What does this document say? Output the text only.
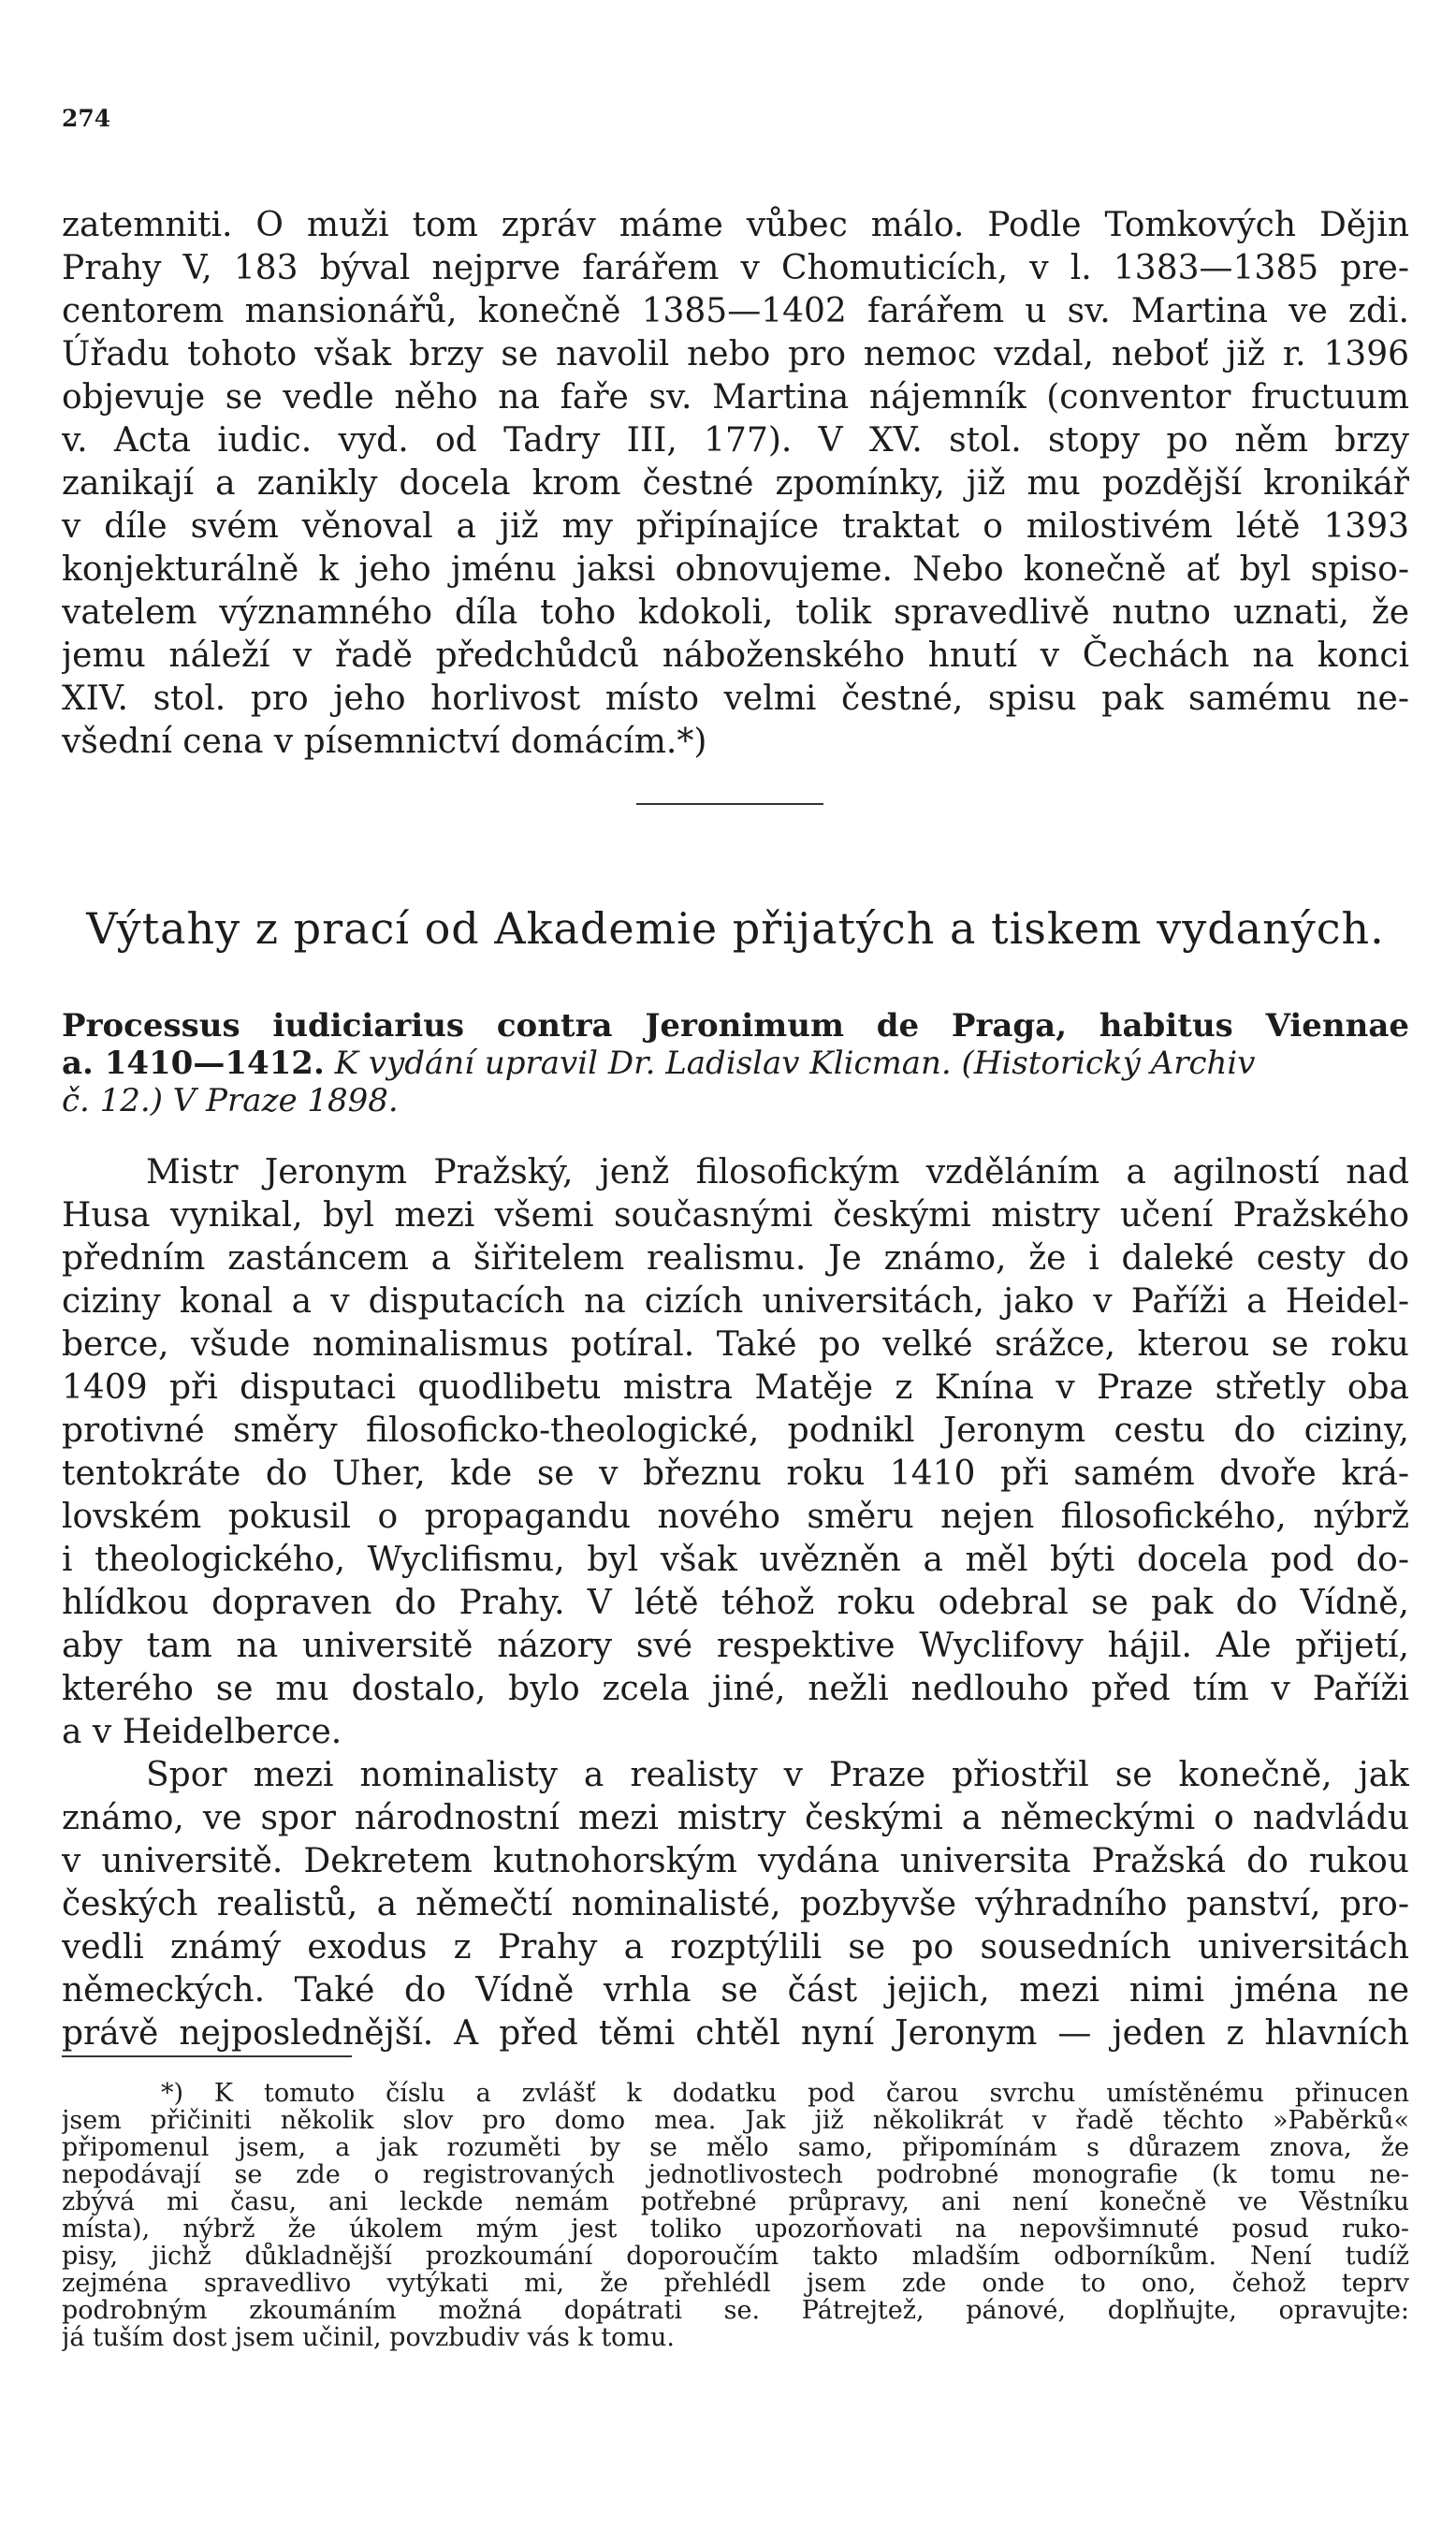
274
zatemniti. O muži tom zpráv máme vůbec málo. Podle Tomkových Dějin
Prahy V, 183 býval nejprve farářem v Chomuticích, v l. 1383—1385 pre-
centorem mansionářů, konečně 1385—1402 farářem u sv. Martina ve zdi.
Úřadu tohoto však brzy se navolil nebo pro nemoc vzdal, neboť již r. 1396
objevuje se vedle něho na faře sv. Martina nájemník (conventor fructuum
v. Acta iudic. vyd. od Tadry III, 177). V XV. stol. stopy po něm brzy
zanikají a zanikly docela krom čestné zpomínky, již mu pozdější kronikář
v díle svém věnoval a již my připínajíce traktat o milostivém létě 1393
konjekturálně k jeho jménu jaksi obnovujeme. Nebo konečně ať byl spiso-
vatelem významného díla toho kdokoli, tolik spravedlivě nutno uznati, že
jemu náleží v řadě předchůdců náboženského hnutí v Čechách na konci
XIV. stol. pro jeho horlivost místo velmi čestné, spisu pak samému ne-
všední cena v písemnictví domácím.*)
Výtahy z prací od Akademie přijatých a tiskem vydaných.
Processus iudiciarius contra Jeronimum de Praga, habitus Viennae
a. 1410—1412. K vydání upravil Dr. Ladislav Klicman. (Historický Archiv
č. 12.) V Praze 1898.
Mistr Jeronym Pražský, jenž filosofickým vzděláním a agilností nad
Husa vynikal, byl mezi všemi současnými českými mistry učení Pražského
předním zastáncem a šiřitelem realismu. Je známo, že i daleké cesty do
ciziny konal a v disputacích na cizích universitách, jako v Paříži a Heidel-
berce, všude nominalismus potíral. Také po velké srážce, kterou se roku
1409 při disputaci quodlibetu mistra Matěje z Knína v Praze střetly oba
protivné směry filosoficko-theologické, podnikl Jeronym cestu do ciziny,
tentokráte do Uher, kde se v březnu roku 1410 při samém dvoře krá-
lovském pokusil o propagandu nového směru nejen filosofického, nýbrž
i theologického, Wyclifismu, byl však uvězněn a měl býti docela pod do-
hlídkou dopraven do Prahy. V létě téhož roku odebral se pak do Vídně,
aby tam na universitě názory své respektive Wyclifovy hájil. Ale přijetí,
kterého se mu dostalo, bylo zcela jiné, nežli nedlouho před tím v Paříži
a v Heidelberce.
Spor mezi nominalisty a realisty v Praze přiostřil se konečně, jak
známo, ve spor národnostní mezi mistry českými a německými o nadvládu
v universitě. Dekretem kutnohorským vydána universita Pražská do rukou
českých realistů, a němečtí nominalisté, pozbyvše výhradního panství, pro-
vedli známý exodus z Prahy a rozptýlili se po sousedních universitách
německých. Také do Vídně vrhla se část jejich, mezi nimi jména ne
právě nejposlednější. A před těmi chtěl nyní Jeronym — jeden z hlavních
*) K tomuto číslu a zvlášť k dodatku pod čarou svrchu umístěnému přinucen
jsem přičiniti několik slov pro domo mea. Jak již několikrát v řadě těchto »Paběrků«
připomenul jsem, a jak rozuměti by se mělo samo, připomínám s důrazem znova, že
nepodávají se zde o registrovaných jednotlivostech podrobné monografie (k tomu ne-
zbývá mi času, ani leckde nemám potřebné průpravy, ani není konečně ve Věstníku
místa), nýbrž že úkolem mým jest toliko upozorňovati na nepovšimnuté posud ruko-
pisy, jichž důkladnější prozkoumání doporoučím takto mladším odborníkům. Není tudíž
zejména spravedlivo vytýkati mi, že přehlédl jsem zde onde to ono, čehož teprv
podrobným zkoumáním možná dopátrati se. Pátrejtež, pánové, doplňujte, opravujte:
já tuším dost jsem učinil, povzbudiv vás k tomu.
